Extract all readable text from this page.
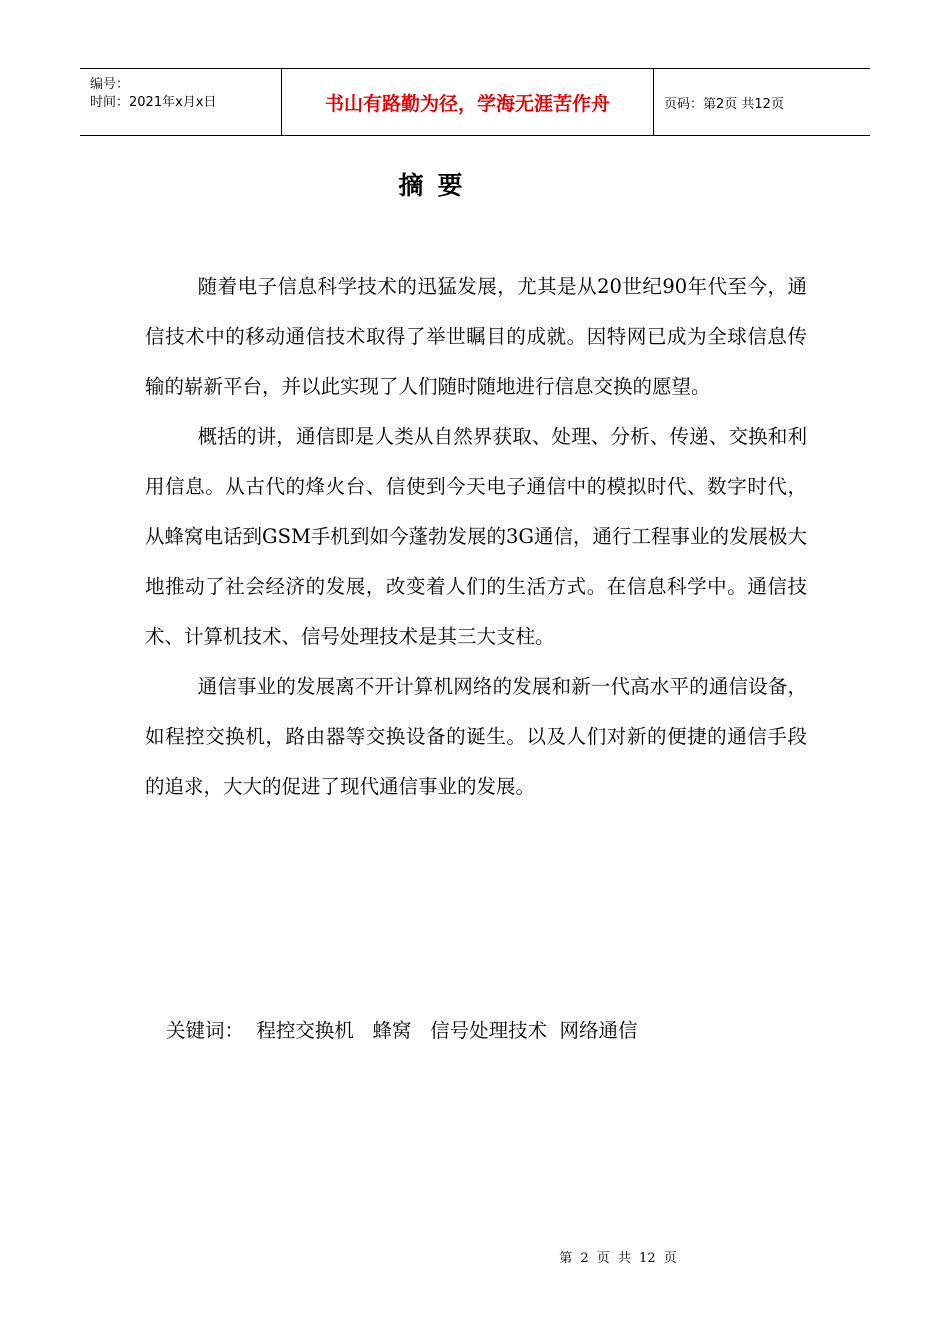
编号：
时间：2021年x月x日	书山有路勤为径，学海无涯苦作舟	页码：第2页 共12页
摘要

随着电子信息科学技术的迅猛发展，尤其是从20世纪90年代至今，通信技术中的移动通信技术取得了举世瞩目的成就。因特网已成为全球信息传输的崭新平台，并以此实现了人们随时随地进行信息交换的愿望。

概括的讲，通信即是人类从自然界获取、处理、分析、传递、交换和利用信息。从古代的烽火台、信使到今天电子通信中的模拟时代、数字时代，从蜂窝电话到GSM手机到如今蓬勃发展的3G通信，通行工程事业的发展极大地推动了社会经济的发展，改变着人们的生活方式。在信息科学中。通信技术、计算机技术、信号处理技术是其三大支柱。

通信事业的发展离不开计算机网络的发展和新一代高水平的通信设备，如程控交换机，路由器等交换设备的诞生。以及人们对新的便捷的通信手段的追求，大大的促进了现代通信事业的发展。

关键词：  程控交换机   蜂窝   信号处理技术  网络通信
第 2 页 共 12 页
